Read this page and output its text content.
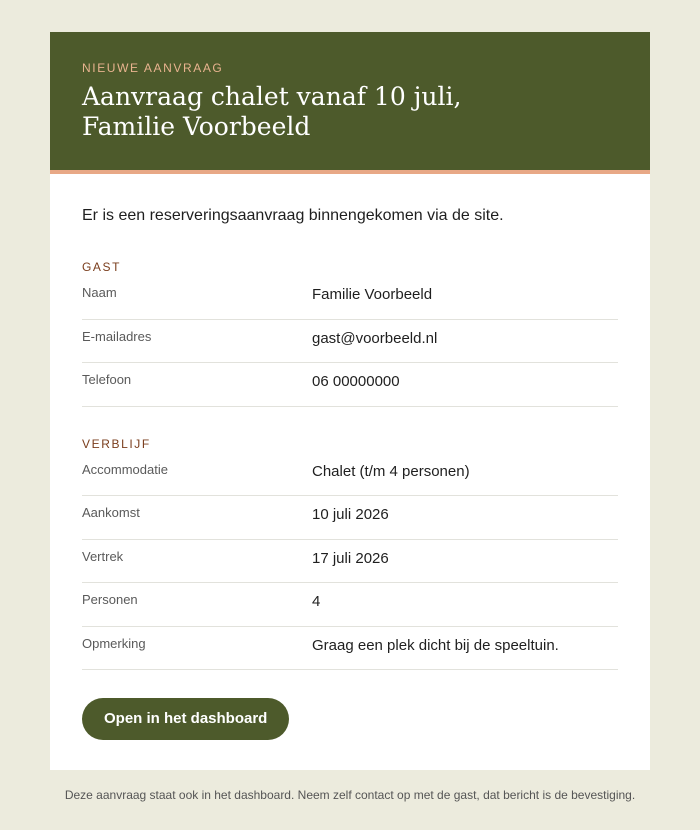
NIEUWE AANVRAAG
Aanvraag chalet vanaf 10 juli, Familie Voorbeeld

Er is een reserveringsaanvraag binnengekomen via de site.

GAST
Naam	Familie Voorbeeld
E-mailadres	gast@voorbeeld.nl
Telefoon	06 00000000
VERBLIJF
Accommodatie	Chalet (t/m 4 personen)
Aankomst	10 juli 2026
Vertrek	17 juli 2026
Personen	4
Opmerking	Graag een plek dicht bij de speeltuin.
Open in het dashboard

Deze aanvraag staat ook in het dashboard. Neem zelf contact op met de gast, dat bericht is de bevestiging.
